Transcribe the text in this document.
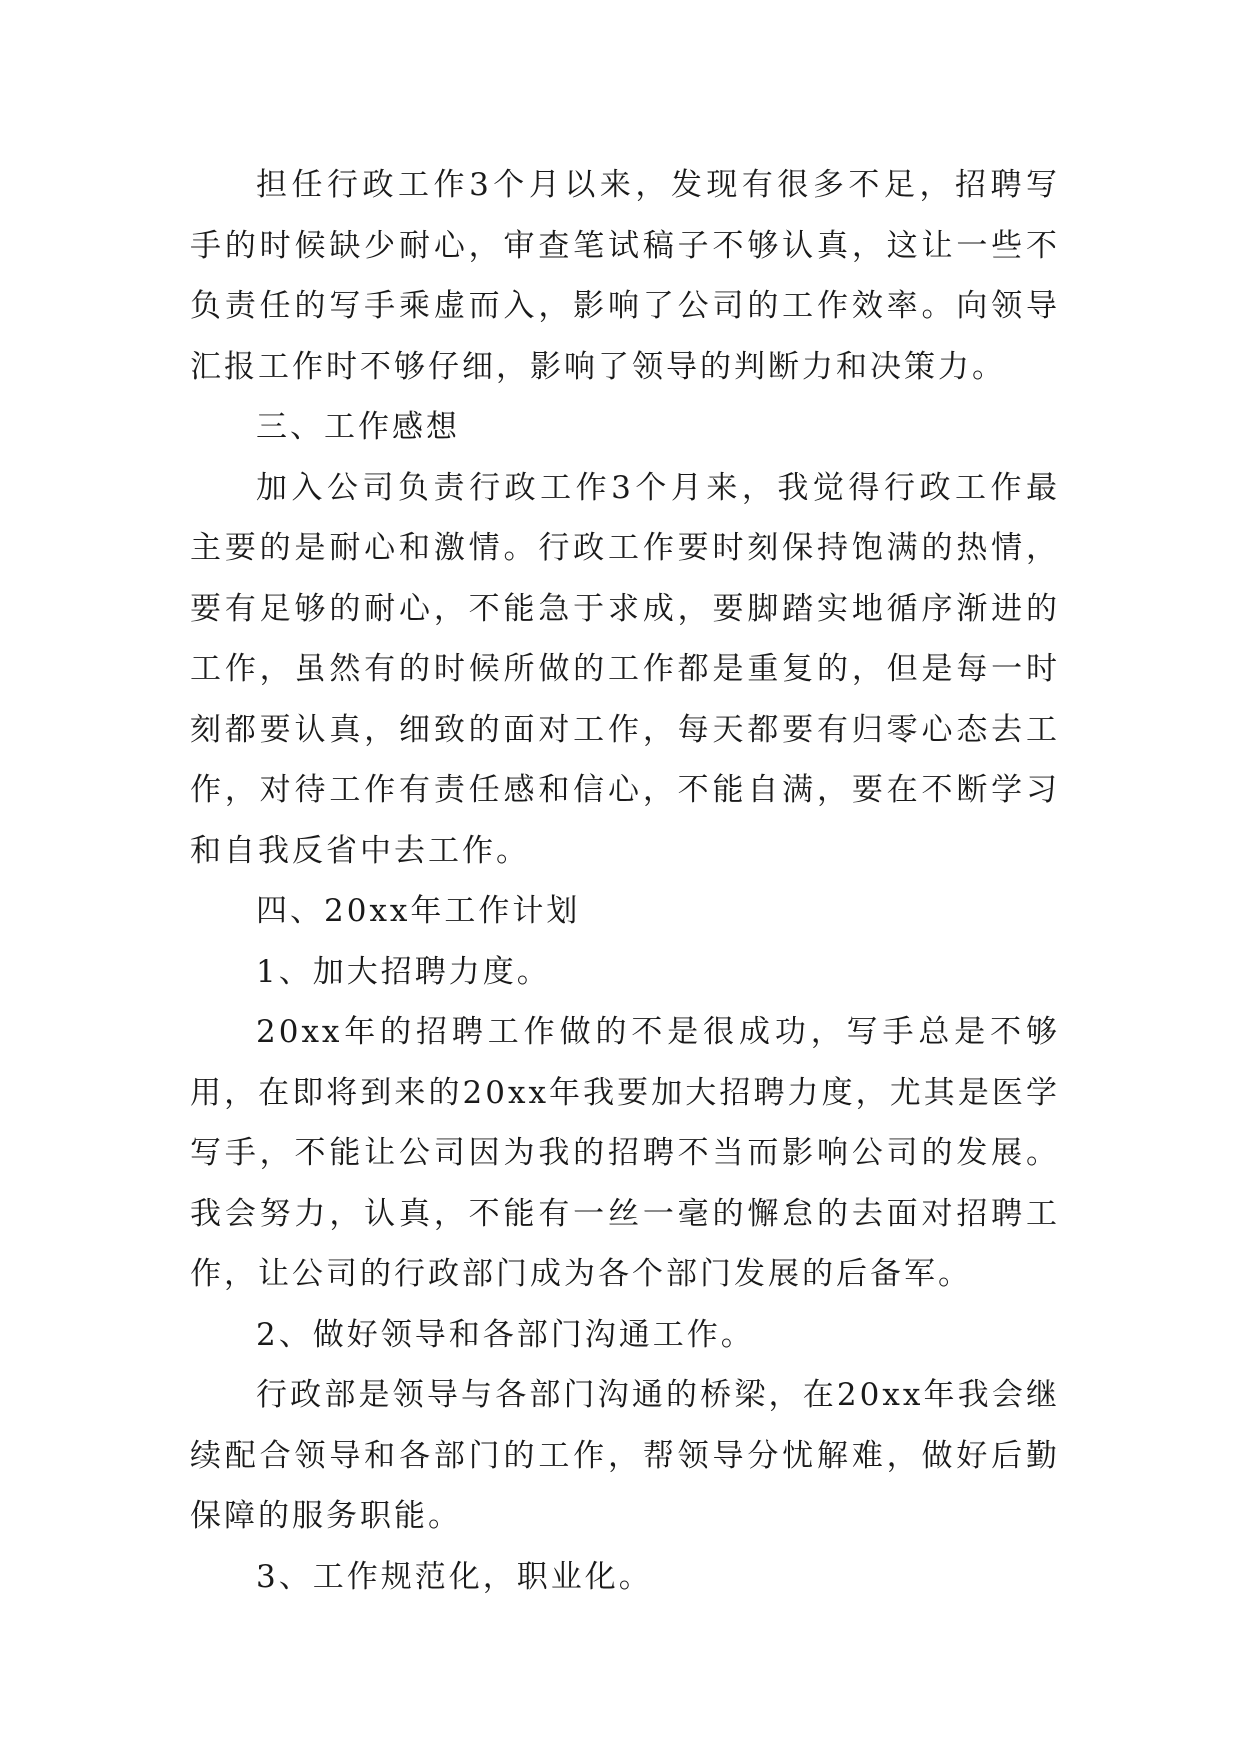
担任行政工作3个月以来，发现有很多不足，招聘写手的时候缺少耐心，审查笔试稿子不够认真，这让一些不负责任的写手乘虚而入，影响了公司的工作效率。向领导汇报工作时不够仔细，影响了领导的判断力和决策力。

三、工作感想

加入公司负责行政工作3个月来，我觉得行政工作最主要的是耐心和激情。行政工作要时刻保持饱满的热情，要有足够的耐心，不能急于求成，要脚踏实地循序渐进的工作，虽然有的时候所做的工作都是重复的，但是每一时刻都要认真，细致的面对工作，每天都要有归零心态去工作，对待工作有责任感和信心，不能自满，要在不断学习和自我反省中去工作。

四、20xx年工作计划

1、加大招聘力度。

20xx年的招聘工作做的不是很成功，写手总是不够用，在即将到来的20xx年我要加大招聘力度，尤其是医学写手，不能让公司因为我的招聘不当而影响公司的发展。我会努力，认真，不能有一丝一毫的懈怠的去面对招聘工作，让公司的行政部门成为各个部门发展的后备军。

2、做好领导和各部门沟通工作。

行政部是领导与各部门沟通的桥梁，在20xx年我会继续配合领导和各部门的工作，帮领导分忧解难，做好后勤保障的服务职能。

3、工作规范化，职业化。
